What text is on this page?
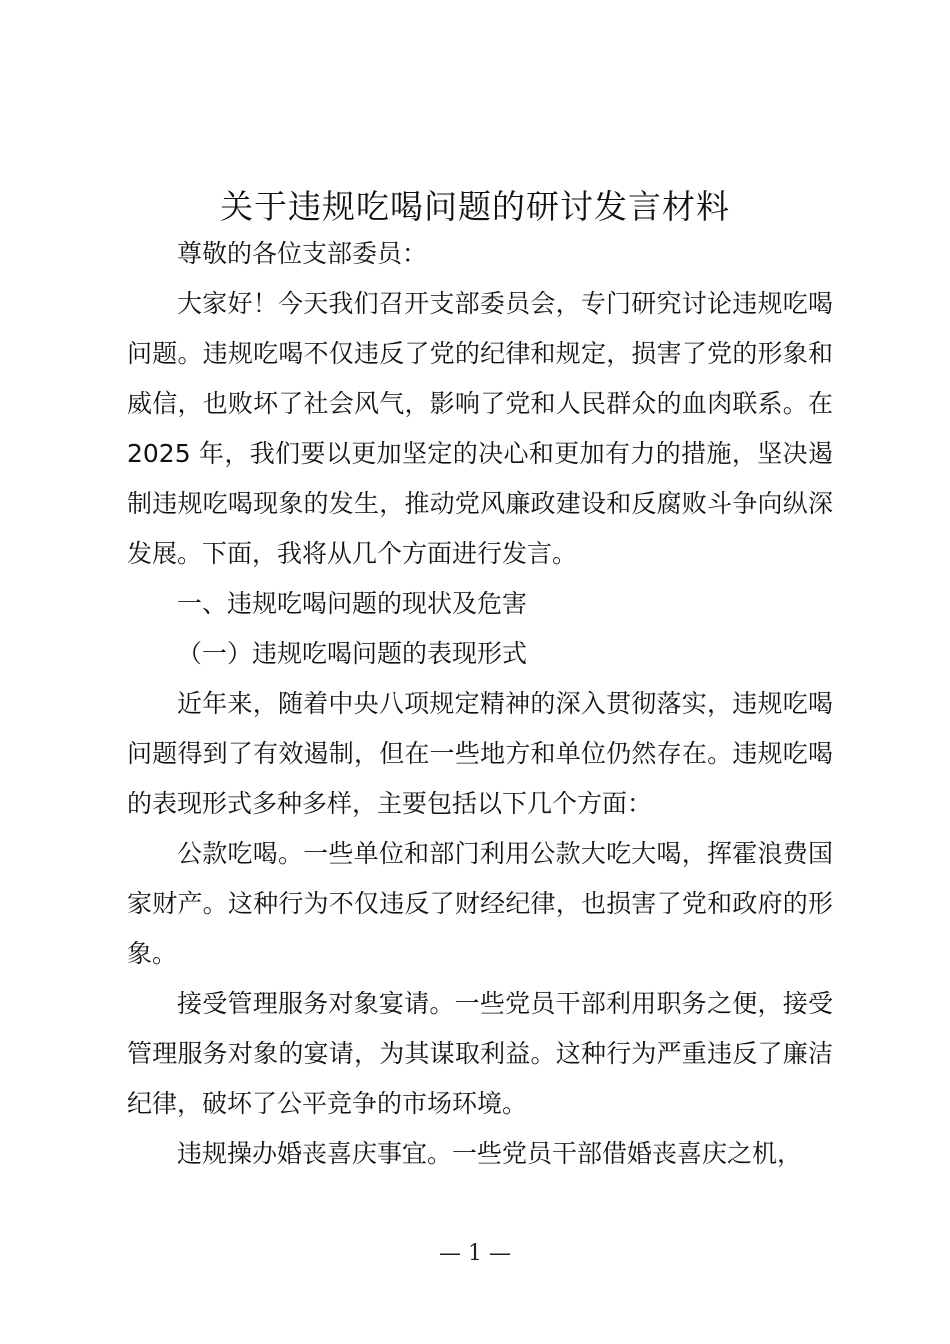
关于违规吃喝问题的研讨发言材料

尊敬的各位支部委员：

大家好！今天我们召开支部委员会，专门研究讨论违规吃喝问题。违规吃喝不仅违反了党的纪律和规定，损害了党的形象和威信，也败坏了社会风气，影响了党和人民群众的血肉联系。在 2025 年，我们要以更加坚定的决心和更加有力的措施，坚决遏制违规吃喝现象的发生，推动党风廉政建设和反腐败斗争向纵深发展。下面，我将从几个方面进行发言。

一、违规吃喝问题的现状及危害

（一）违规吃喝问题的表现形式

近年来，随着中央八项规定精神的深入贯彻落实，违规吃喝问题得到了有效遏制，但在一些地方和单位仍然存在。违规吃喝的表现形式多种多样，主要包括以下几个方面：

公款吃喝。一些单位和部门利用公款大吃大喝，挥霍浪费国家财产。这种行为不仅违反了财经纪律，也损害了党和政府的形象。

接受管理服务对象宴请。一些党员干部利用职务之便，接受管理服务对象的宴请，为其谋取利益。这种行为严重违反了廉洁纪律，破坏了公平竞争的市场环境。

违规操办婚丧喜庆事宜。一些党员干部借婚丧喜庆之机，

— 1 —
